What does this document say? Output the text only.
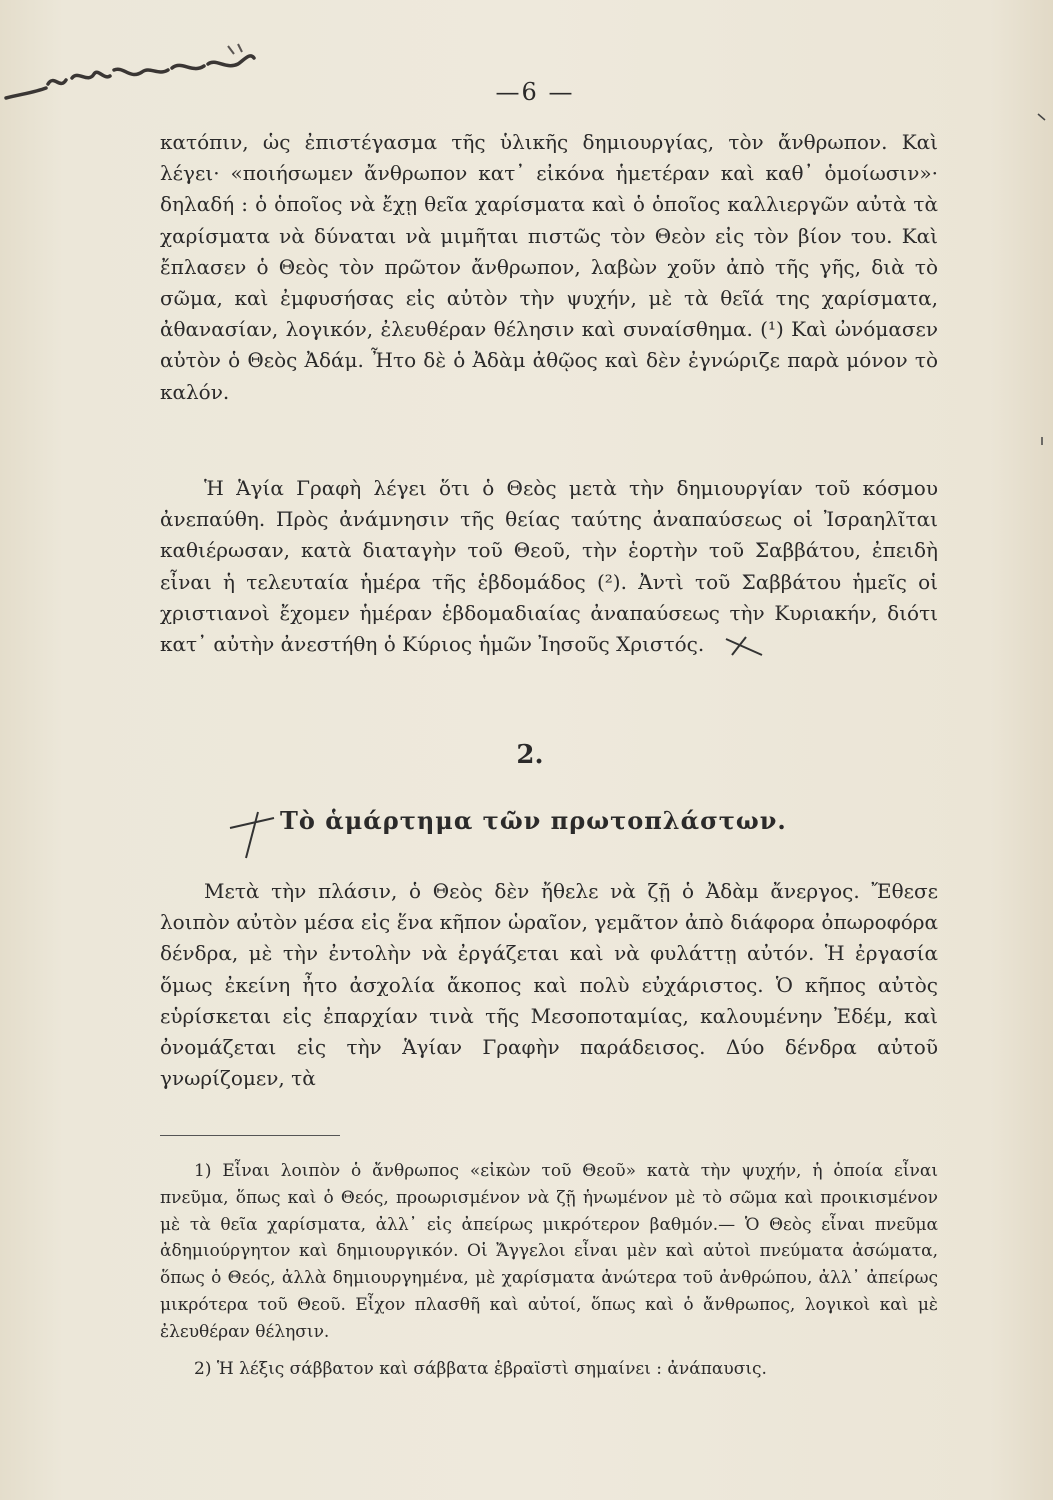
—6 —

κατόπιν, ὡς ἐπιστέγασμα τῆς ὑλικῆς δημιουργίας, τὸν ἄνθρωπον. Καὶ λέγει· «ποιήσωμεν ἄνθρωπον κατ᾽ εἰκόνα ἡμετέραν καὶ καθ᾽ ὁμοίωσιν»· δηλαδή : ὁ ὁποῖος νὰ ἔχῃ θεῖα χαρίσματα καὶ ὁ ὁποῖος καλλιεργῶν αὐτὰ τὰ χαρίσματα νὰ δύναται νὰ μιμῆται πιστῶς τὸν Θεὸν εἰς τὸν βίον του. Καὶ ἔπλασεν ὁ Θεὸς τὸν πρῶτον ἄνθρωπον, λαβὼν χοῦν ἀπὸ τῆς γῆς, διὰ τὸ σῶμα, καὶ ἐμφυσήσας εἰς αὐτὸν τὴν ψυχήν, μὲ τὰ θεῖά της χαρίσματα, ἀθανασίαν, λογικόν, ἐλευθέραν θέλησιν καὶ συναίσθημα. (¹) Καὶ ὠνόμασεν αὐτὸν ὁ Θεὸς Ἀδάμ. Ἦτο δὲ ὁ Ἀδὰμ ἀθῷος καὶ δὲν ἐγνώριζε παρὰ μόνον τὸ καλόν.

Ἡ Ἁγία Γραφὴ λέγει ὅτι ὁ Θεὸς μετὰ τὴν δημιουργίαν τοῦ κόσμου ἀνεπαύθη. Πρὸς ἀνάμνησιν τῆς θείας ταύτης ἀναπαύσεως οἱ Ἰσραηλῖται καθιέρωσαν, κατὰ διαταγὴν τοῦ Θεοῦ, τὴν ἑορτὴν τοῦ Σαββάτου, ἐπειδὴ εἶναι ἡ τελευταία ἡμέρα τῆς ἑβδομάδος (²). Ἀντὶ τοῦ Σαββάτου ἡμεῖς οἱ χριστιανοὶ ἔχομεν ἡμέραν ἑβδομαδιαίας ἀναπαύσεως τὴν Κυριακήν, διότι κατ᾽ αὐτὴν ἀνεστήθη ὁ Κύριος ἡμῶν Ἰησοῦς Χριστός.

2.
Τὸ ἁμάρτημα τῶν πρωτοπλάστων.

Μετὰ τὴν πλάσιν, ὁ Θεὸς δὲν ἤθελε νὰ ζῇ ὁ Ἀδὰμ ἄνεργος. Ἔθεσε λοιπὸν αὐτὸν μέσα εἰς ἕνα κῆπον ὡραῖον, γεμᾶτον ἀπὸ διάφορα ὀπωροφόρα δένδρα, μὲ τὴν ἐντολὴν νὰ ἐργάζεται καὶ νὰ φυλάττῃ αὐτόν. Ἡ ἐργασία ὅμως ἐκείνη ἦτο ἀσχολία ἄκοπος καὶ πολὺ εὐχάριστος. Ὁ κῆπος αὐτὸς εὑρίσκεται εἰς ἐπαρχίαν τινὰ τῆς Μεσοποταμίας, καλουμένην Ἐδέμ, καὶ ὀνομάζεται εἰς τὴν Ἁγίαν Γραφὴν παράδεισος. Δύο δένδρα αὐτοῦ γνωρίζομεν, τὰ

1) Εἶναι λοιπὸν ὁ ἄνθρωπος «εἰκὼν τοῦ Θεοῦ» κατὰ τὴν ψυχήν, ἡ ὁποία εἶναι πνεῦμα, ὅπως καὶ ὁ Θεός, προωρισμένον νὰ ζῇ ἡνωμένον μὲ τὸ σῶμα καὶ προικισμένον μὲ τὰ θεῖα χαρίσματα, ἀλλ᾽ εἰς ἀπείρως μικρότερον βαθμόν.— Ὁ Θεὸς εἶναι πνεῦμα ἀδημιούργητον καὶ δημιουργικόν. Οἱ Ἄγγελοι εἶναι μὲν καὶ αὐτοὶ πνεύματα ἀσώματα, ὅπως ὁ Θεός, ἀλλὰ δημιουργημένα, μὲ χαρίσματα ἀνώτερα τοῦ ἀνθρώπου, ἀλλ᾽ ἀπείρως μικρότερα τοῦ Θεοῦ. Εἶχον πλασθῆ καὶ αὐτοί, ὅπως καὶ ὁ ἄνθρωπος, λογικοὶ καὶ μὲ ἐλευθέραν θέλησιν.

2) Ἡ λέξις σάββατον καὶ σάββατα ἑβραϊστὶ σημαίνει : ἀνάπαυσις.
